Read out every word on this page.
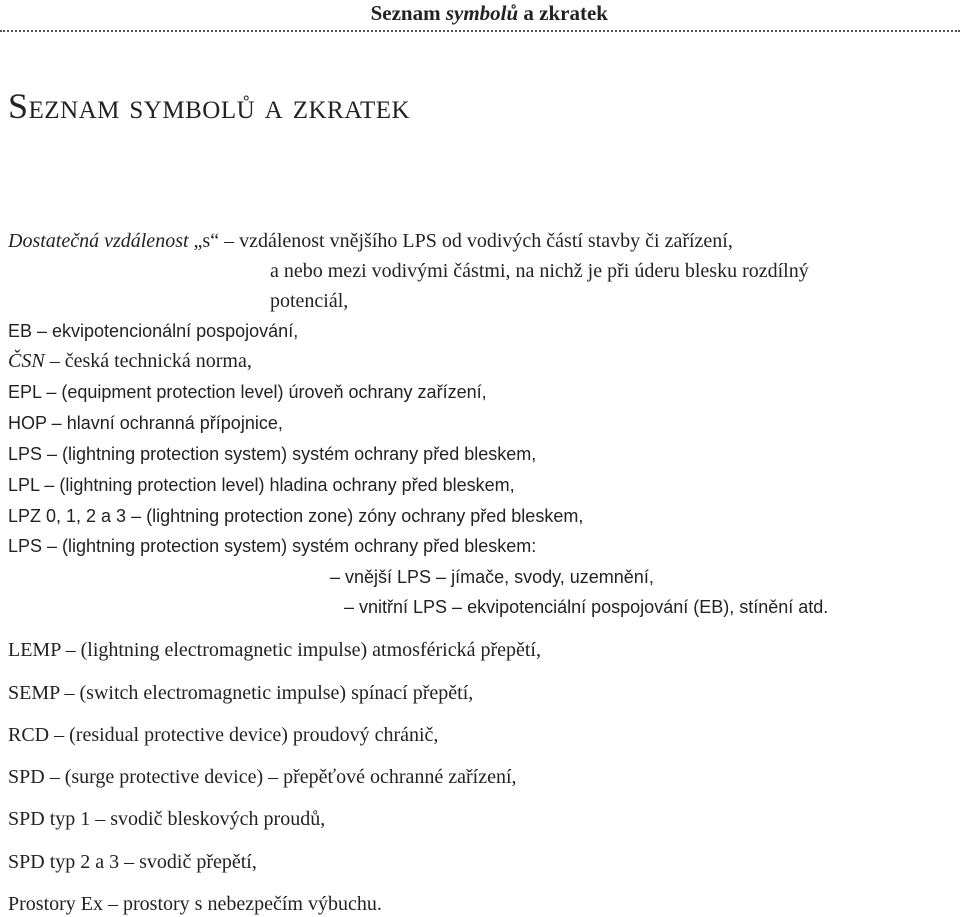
Seznam symbolů a zkratek
Seznam symbolů a zkratek
Dostatečná vzdálenost „s“ – vzdálenost vnějšího LPS od vodivých částí stavby či zařízení,
a nebo mezi vodivými částmi, na nichž je při úderu blesku rozdílný
potenciál,
EB – ekvipotencionální pospojování,
ČSN – česká technická norma,
EPL – (equipment protection level) úroveň ochrany zařízení,
HOP – hlavní ochranná přípojnice,
LPS – (lightning protection system) systém ochrany před bleskem,
LPL – (lightning protection level) hladina ochrany před bleskem,
LPZ 0, 1, 2 a 3 – (lightning protection zone) zóny ochrany před bleskem,
LPS – (lightning protection system) systém ochrany před bleskem:
– vnější LPS – jímače, svody, uzemnění,
– vnitřní LPS – ekvipotenciální pospojování (EB), stínění atd.
LEMP – (lightning electromagnetic impulse) atmosférická přepětí,
SEMP – (switch electromagnetic impulse) spínací přepětí,
RCD – (residual protective device) proudový chránič,
SPD – (surge protective device) – přepěťové ochranné zařízení,
SPD typ 1 – svodič bleskových proudů,
SPD typ 2 a 3 – svodič přepětí,
Prostory Ex – prostory s nebezpečím výbuchu.
